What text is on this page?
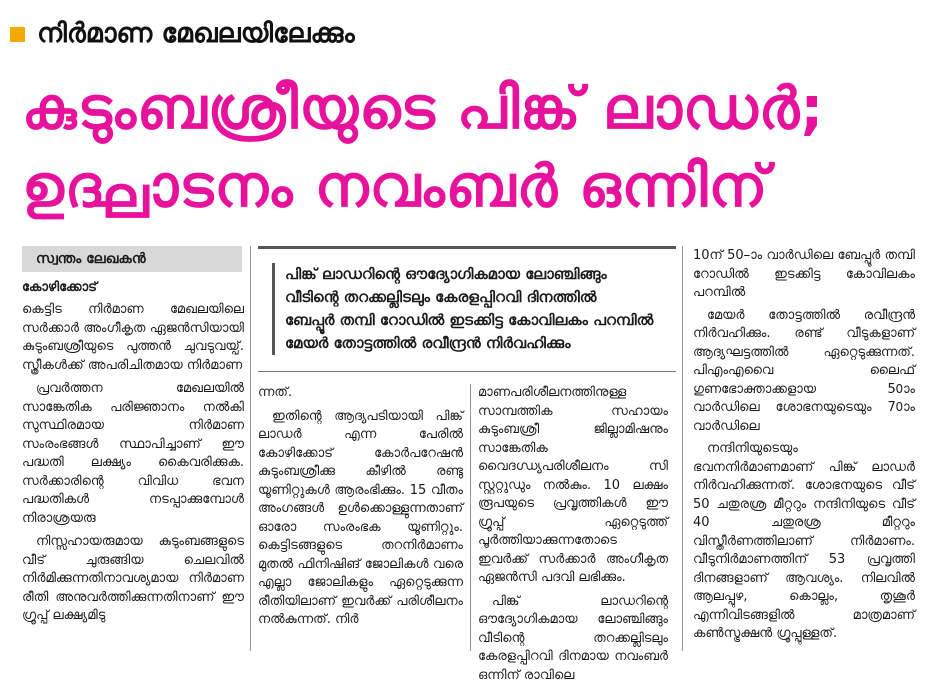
നിർമാണ മേഖലയിലേക്കും
കുടുംബശ്രീയുടെ പിങ്ക് ലാഡർ;
ഉദ്ഘാടനം നവംബർ ഒന്നിന്
സ്വന്തം ലേഖകൻ
കോഴിക്കോട്
പിങ്ക് ലാഡറിന്റെ ഔദ്യോഗികമായ ലോഞ്ചിങ്ങും
വീടിന്റെ തറക്കല്ലിടലും കേരളപ്പിറവി ദിനത്തിൽ
ബേപ്പൂർ തമ്പി റോഡിൽ ഇടക്കിട്ട കോവിലകം പറമ്പിൽ
മേയർ തോട്ടത്തിൽ രവീന്ദ്രൻ നിർവഹിക്കും

കെട്ടിട നിർമാണ മേഖലയിലെ സർക്കാർ അംഗീകൃത ഏജൻസിയായി കുടുംബശ്രീയുടെ പുത്തൻ ചുവടുവയ്പ്. സ്ത്രീകൾക്ക് അപരിചിതമായ നിർമാണ

പ്രവർത്തന മേഖലയിൽ സാങ്കേതിക പരിജ്ഞാനം നൽകി സുസ്ഥിരമായ നിർമാണ സംരംഭങ്ങൾ സ്ഥാപിച്ചാണ് ഈ പദ്ധതി ലക്ഷ്യം കൈവരിക്കുക. സർക്കാരിന്റെ വിവിധ ഭവന പദ്ധതികൾ നടപ്പാക്കുമ്പോൾ നിരാശ്രയരു

നിസ്സഹായരുമായ കുടുംബങ്ങളുടെ വീട് ചുരുങ്ങിയ ചെലവിൽ നിർമിക്കുന്നതിനാവശ്യമായ നിർമാണ രീതി അനുവർത്തിക്കുന്നതിനാണ് ഈ ഗ്രൂപ്പ് ലക്ഷ്യമിടു

ന്നത്.

ഇതിന്റെ ആദ്യപടിയായി പിങ്ക് ലാഡർ എന്ന പേരിൽ കോഴിക്കോട് കോർപറേഷൻ കുടുംബശ്രീക്കു കീഴിൽ രണ്ടു യൂണിറ്റുകൾ ആരംഭിക്കും. 15 വീതം അംഗങ്ങൾ ഉൾക്കൊള്ളുന്നതാണ് ഓരോ സംരംഭക യൂണിറ്റും. കെട്ടിടങ്ങളുടെ തറനിർമാണം മുതൽ ഫിനിഷിങ് ജോലികൾ വരെ എല്ലാ ജോലികളും ഏറ്റെടുക്കുന്ന രീതിയിലാണ് ഇവർക്ക് പരിശീലനം നൽകുന്നത്. നിർ

മാണപരിശീലനത്തിനുള്ള സാമ്പത്തിക സഹായം കുടുംബശ്രീ ജില്ലാമിഷനും സാങ്കേതിക വൈദഗ്ധ്യപരിശീലനം സി സ്റ്ററ്റുഡും നൽകും. 10 ലക്ഷം രൂപയുടെ പ്രവൃത്തികൾ ഈ ഗ്രൂപ്പ് ഏറ്റെടുത്ത് പൂർത്തിയാക്കുന്നതോടെ ഇവർക്ക് സർക്കാർ അംഗീകൃത ഏജൻസി പദവി ലഭിക്കും.

പിങ്ക് ലാഡറിന്റെ ഔദ്യോഗികമായ ലോഞ്ചിങ്ങും വീടിന്റെ തറക്കല്ലിടലും കേരളപ്പിറവി ദിനമായ നവംബർ ഒന്നിന് രാവിലെ

10ന് 50–ാം വാർഡിലെ ബേപ്പൂർ തമ്പി റോഡിൽ ഇടക്കിട്ട കോവിലകം പറമ്പിൽ

മേയർ തോട്ടത്തിൽ രവീന്ദ്രൻ നിർവഹിക്കും. രണ്ട് വീടുകളാണ് ആദ്യഘട്ടത്തിൽ ഏറ്റെടുക്കുന്നത്. പിഎംഎവൈ ലൈഫ് ഗുണഭോക്താക്കളായ 50ാം വാർഡിലെ ശോഭനയുടെയും 70ാം വാർഡിലെ

നന്ദിനിയുടെയും ഭവനനിർമാണമാണ് പിങ്ക് ലാഡർ നിർവഹിക്കുന്നത്. ശോഭനയുടെ വീട് 50 ചതുരശ്ര മീറ്ററും നന്ദിനിയുടെ വീട് 40 ചതുരശ്ര മീറ്ററും വിസ്തീർണത്തിലാണ് നിർമാണം. വീടുനിർമാണത്തിന് 53 പ്രവൃത്തി ദിനങ്ങളാണ് ആവശ്യം. നിലവിൽ ആലപ്പുഴ, കൊല്ലം, തൃശൂർ എന്നിവിടങ്ങളിൽ മാത്രമാണ് കൺസ്ട്രക്ഷൻ ഗ്രൂപ്പുള്ളത്.
